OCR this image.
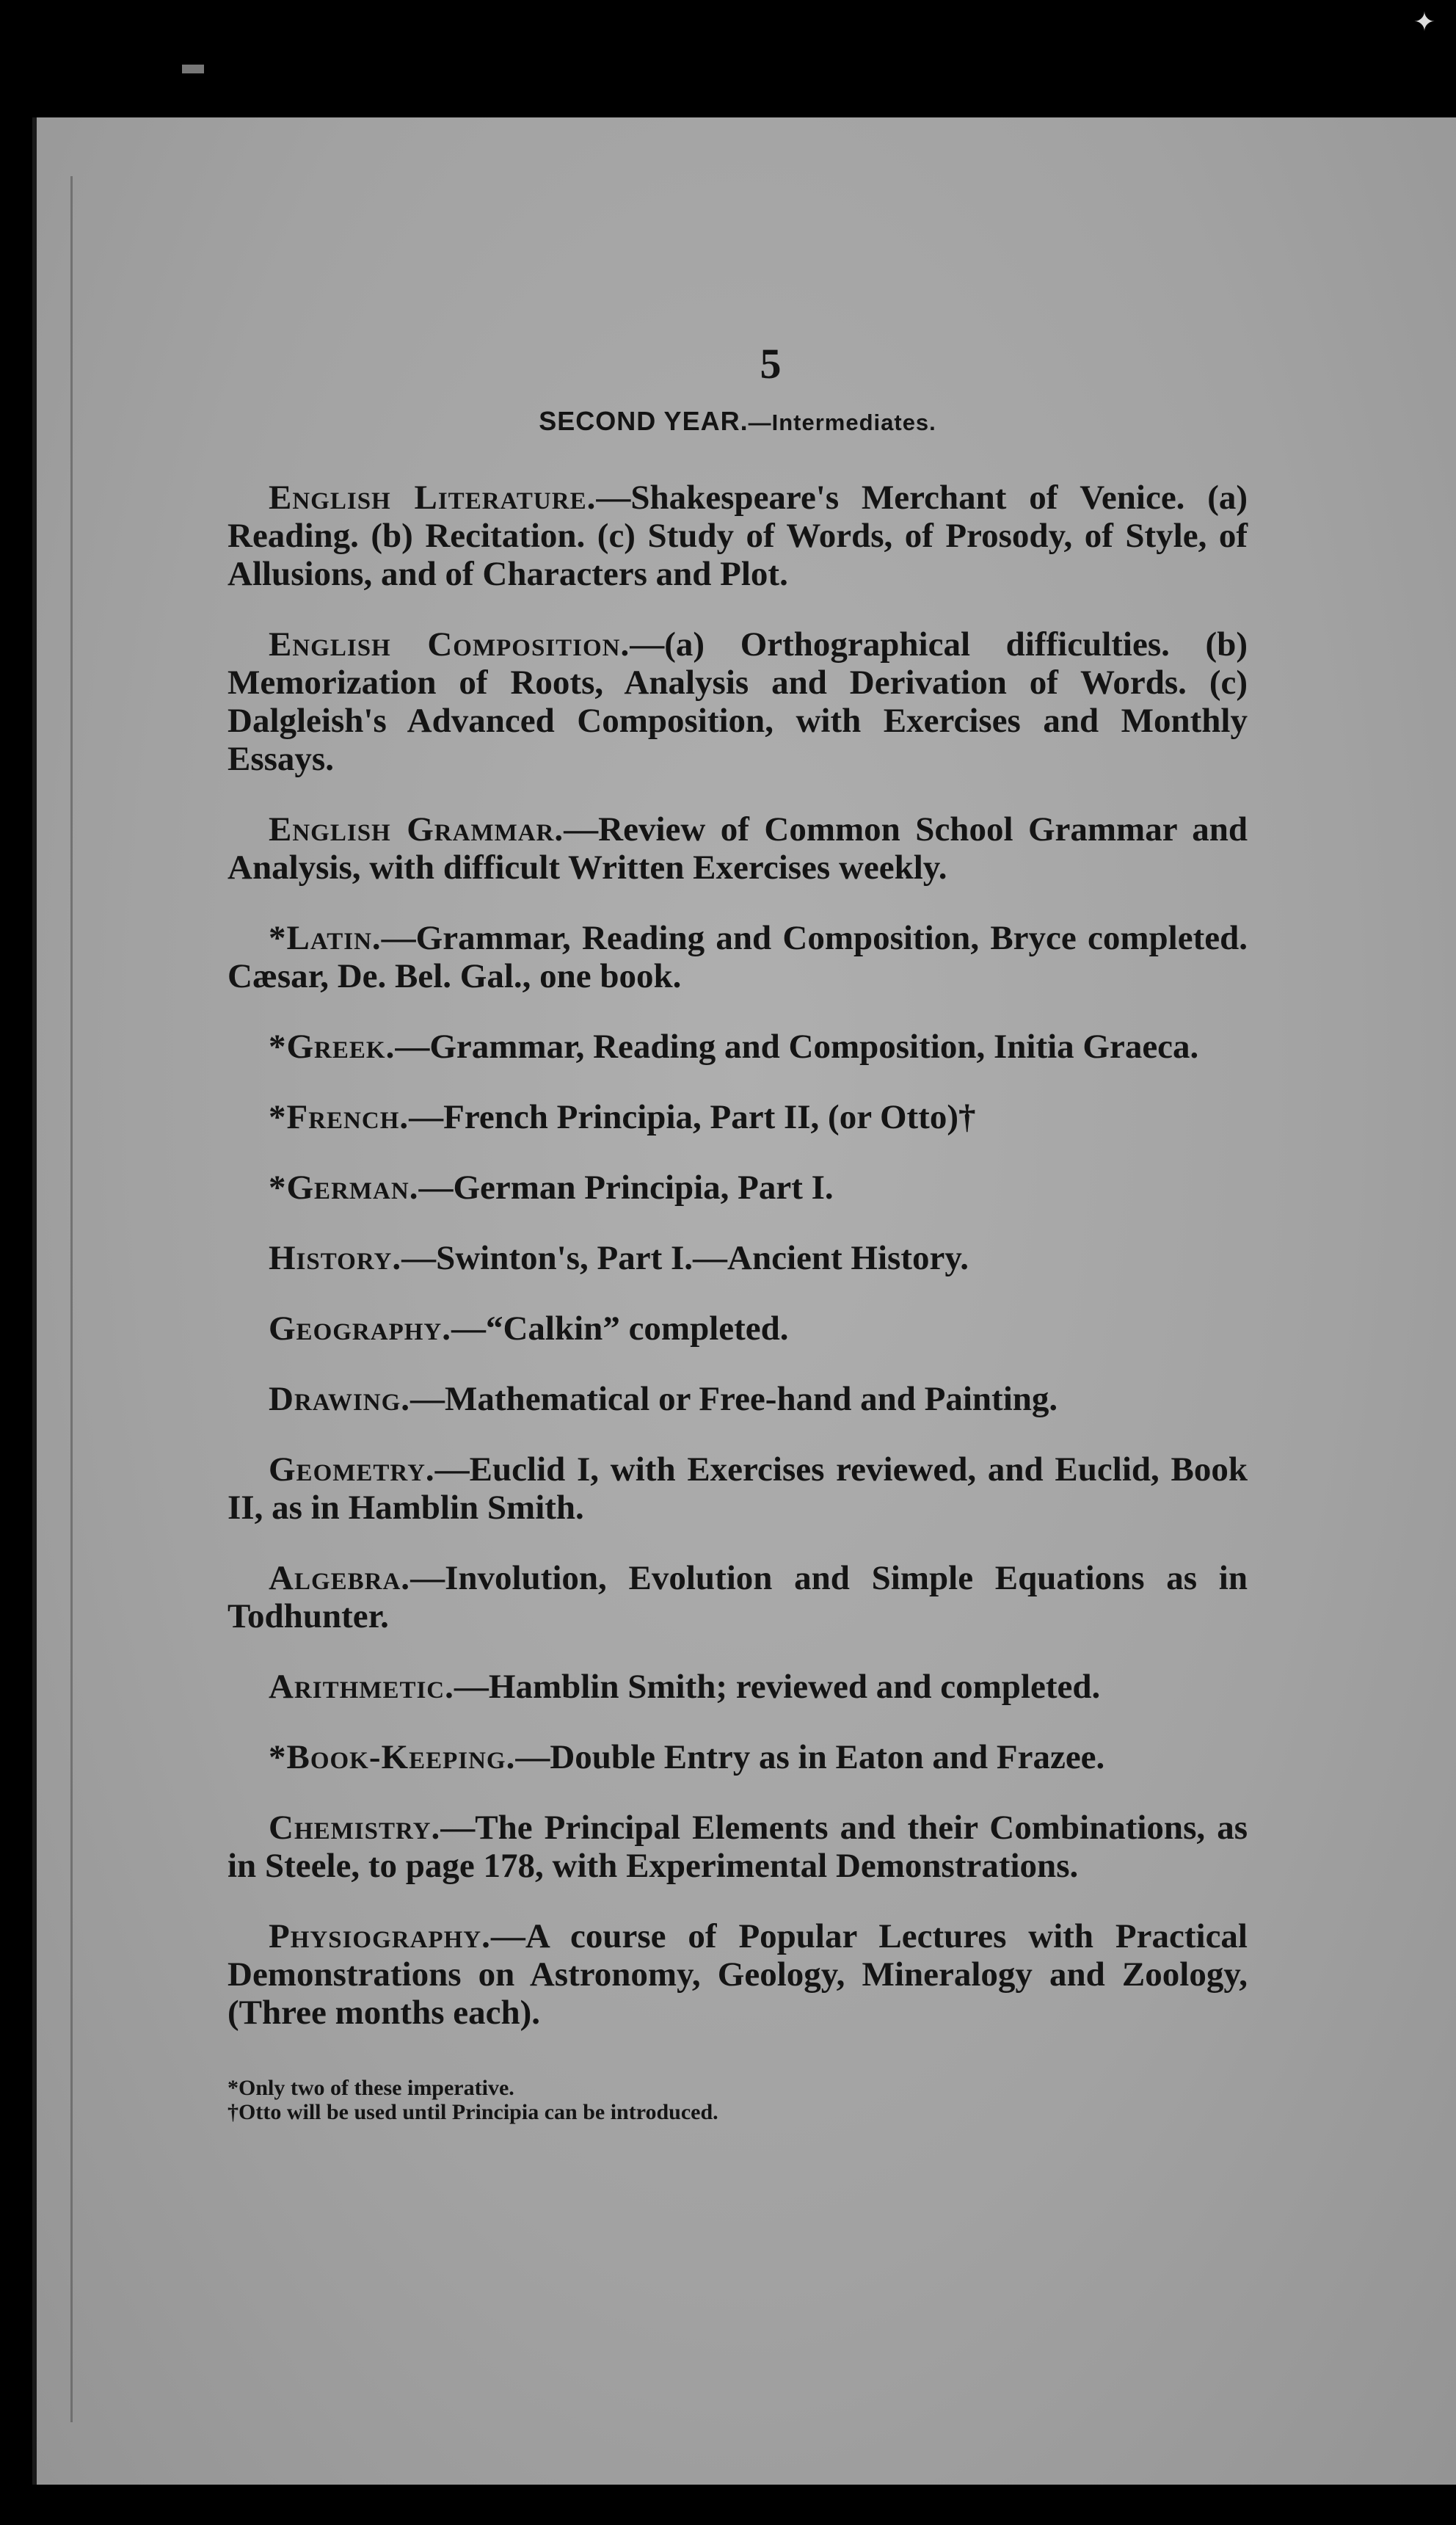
✦
5
SECOND YEAR.—Intermediates.

English Literature.—Shakespeare's Merchant of Venice. (a) Reading. (b) Recitation. (c) Study of Words, of Prosody, of Style, of Allusions, and of Characters and Plot.

English Composition.—(a) Orthographical difficulties. (b) Memorization of Roots, Analysis and Derivation of Words. (c) Dalgleish's Advanced Composition, with Exercises and Monthly Essays.

English Grammar.—Review of Common School Grammar and Analysis, with difficult Written Exercises weekly.

*Latin.—Grammar, Reading and Composition, Bryce completed. Cæsar, De. Bel. Gal., one book.

*Greek.—Grammar, Reading and Composition, Initia Graeca.

*French.—French Principia, Part II, (or Otto)†

*German.—German Principia, Part I.

History.—Swinton's, Part I.—Ancient History.

Geography.—“Calkin” completed.

Drawing.—Mathematical or Free-hand and Painting.

Geometry.—Euclid I, with Exercises reviewed, and Euclid, Book II, as in Hamblin Smith.

Algebra.—Involution, Evolution and Simple Equations as in Todhunter.

Arithmetic.—Hamblin Smith; reviewed and completed.

*Book-Keeping.—Double Entry as in Eaton and Frazee.

Chemistry.—The Principal Elements and their Combinations, as in Steele, to page 178, with Experimental Demonstrations.

Physiography.—A course of Popular Lectures with Practical Demonstrations on Astronomy, Geology, Mineralogy and Zoology, (Three months each).

*Only two of these imperative.
†Otto will be used until Principia can be introduced.
